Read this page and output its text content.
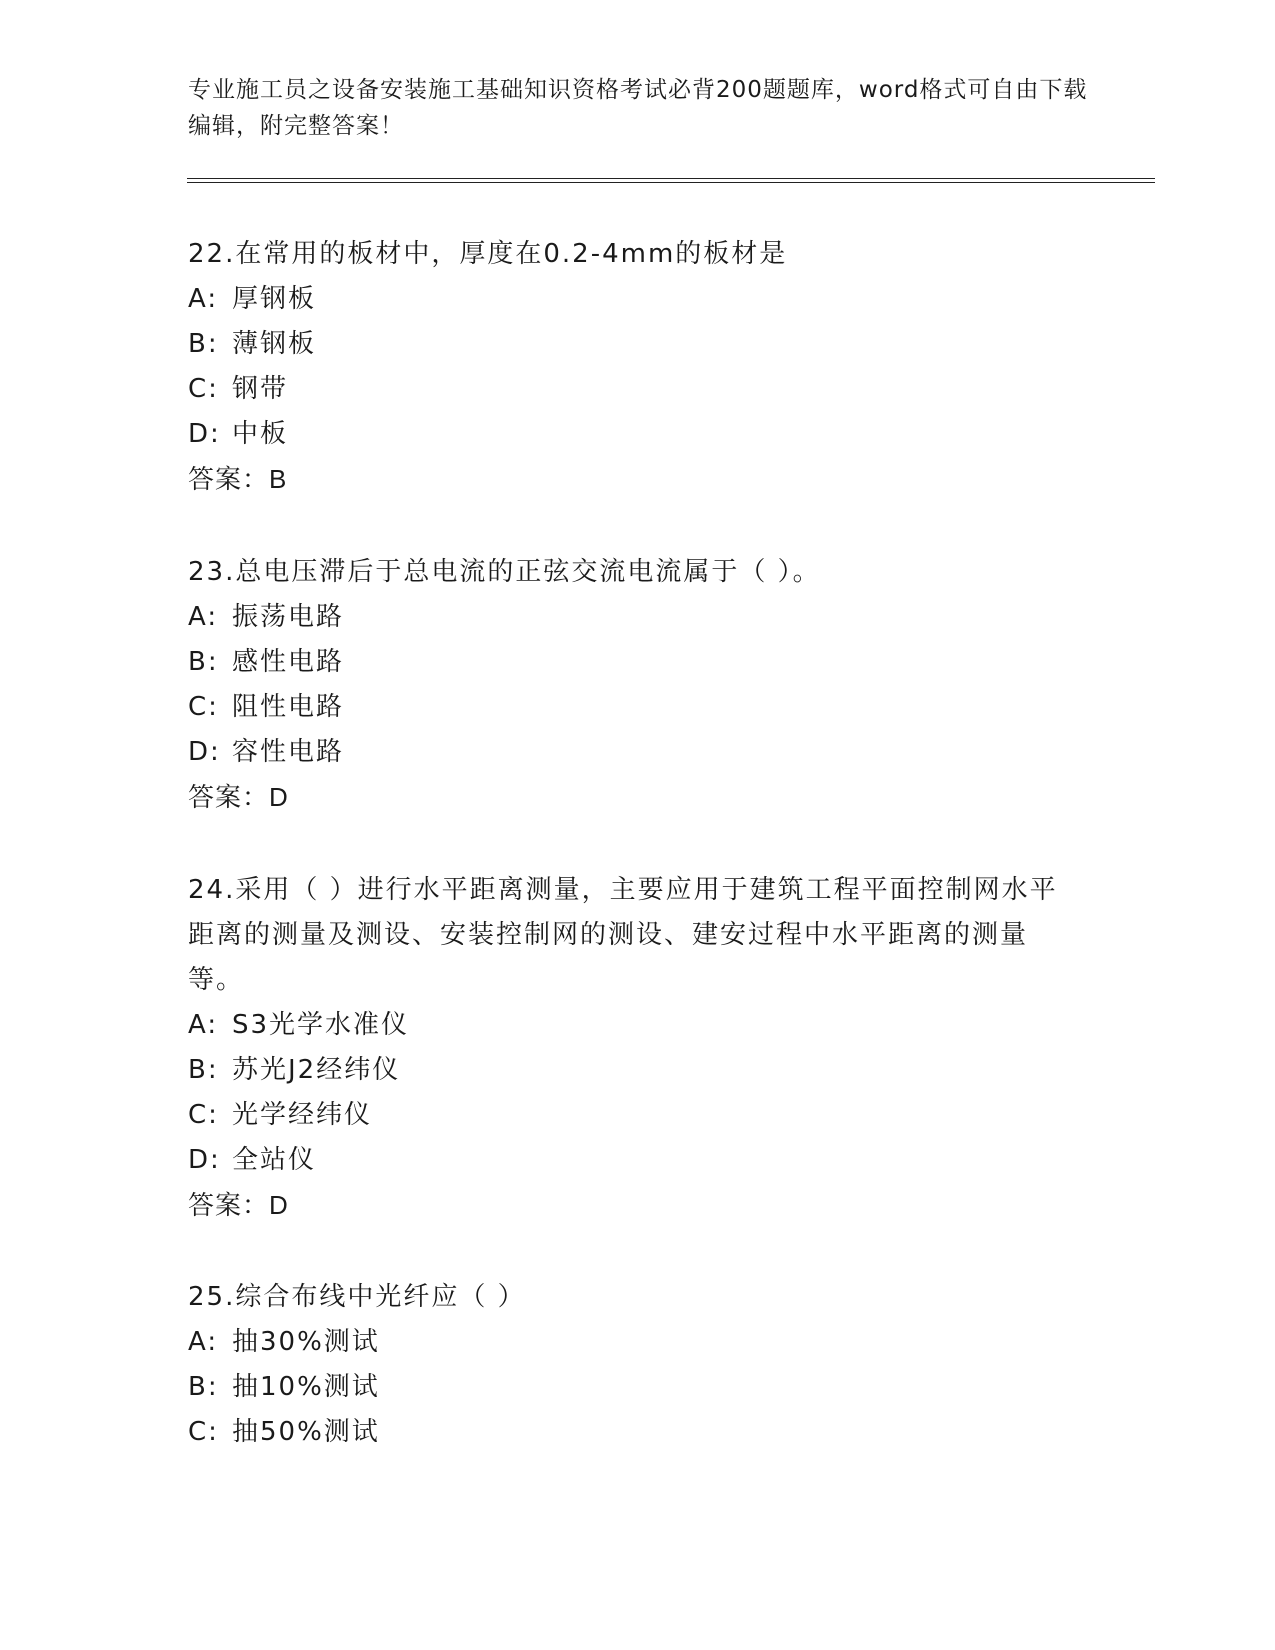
专业施工员之设备安装施工基础知识资格考试必背200题题库，word格式可自由下载编辑，附完整答案！

22.在常用的板材中，厚度在0.2-4mm的板材是

A: 厚钢板

B: 薄钢板

C: 钢带

D: 中板

答案：B

23.总电压滞后于总电流的正弦交流电流属于（ ）。

A: 振荡电路

B: 感性电路

C: 阻性电路

D: 容性电路

答案：D

24.采用（ ）进行水平距离测量，主要应用于建筑工程平面控制网水平距离的测量及测设、安装控制网的测设、建安过程中水平距离的测量等。

A: S3光学水准仪

B: 苏光J2经纬仪

C: 光学经纬仪

D: 全站仪

答案：D

25.综合布线中光纤应（ ）

A: 抽30%测试

B: 抽10%测试

C: 抽50%测试
